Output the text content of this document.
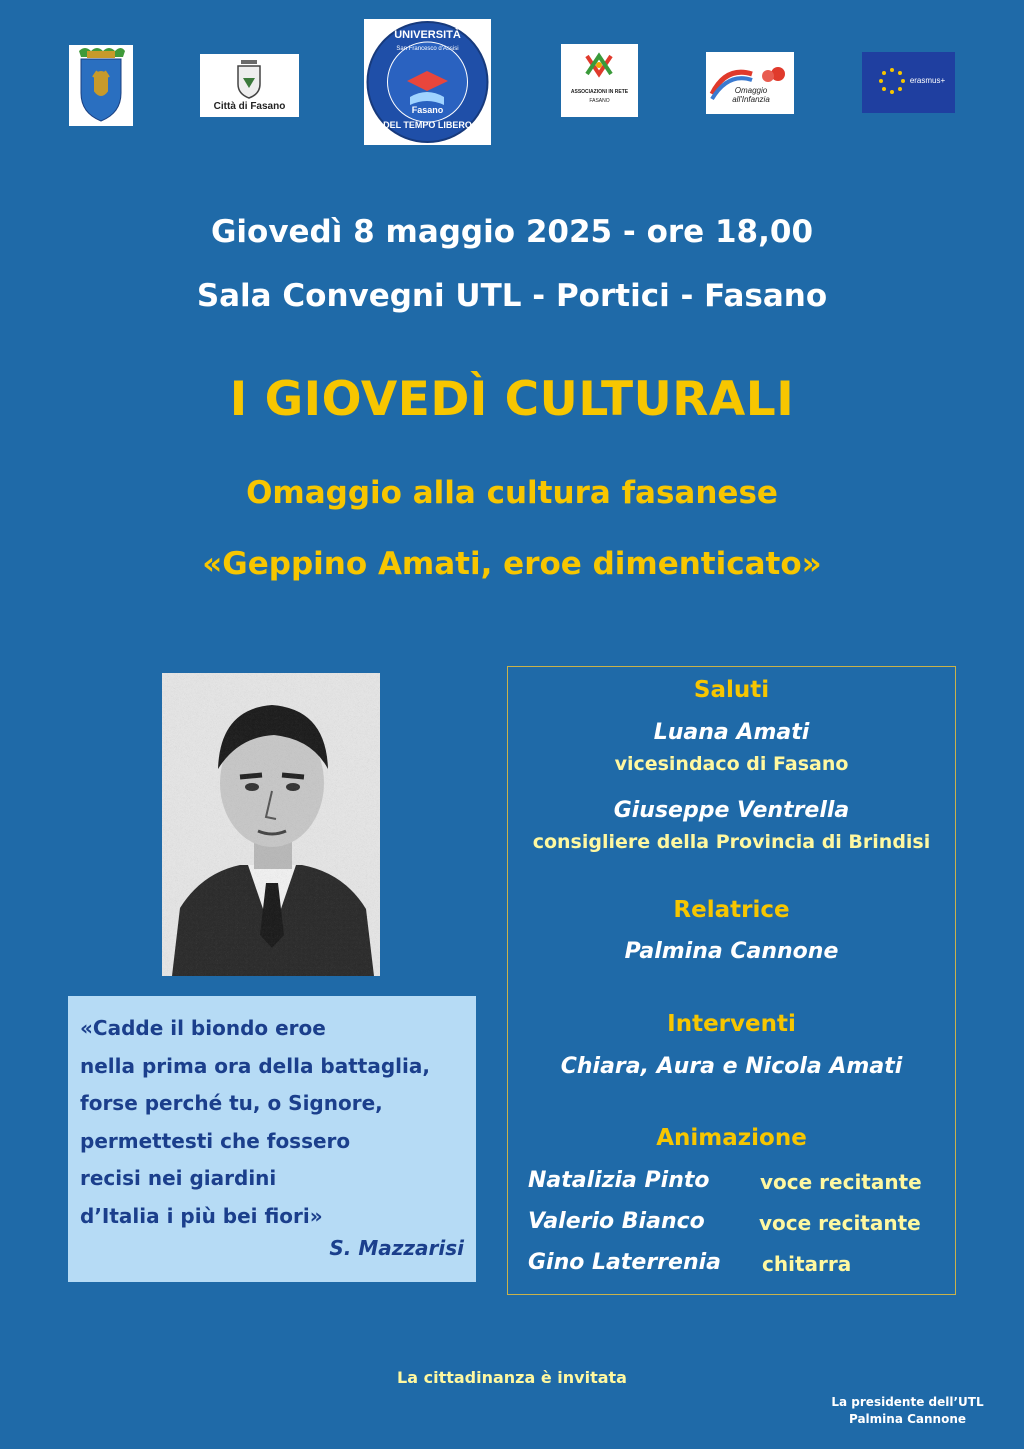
Città di Fasano
UNIVERSITÀ
San Francesco d'Assisi
Fasano
DEL TEMPO LIBERO
ASSOCIAZIONI IN RETE
FASANO
Omaggio all'Infanzia
erasmus+
Giovedì 8 maggio 2025 - ore 18,00
Sala Convegni UTL - Portici - Fasano
I GIOVEDÌ CULTURALI
Omaggio alla cultura fasanese
«Geppino Amati, eroe dimenticato»
«Cadde il biondo eroe
nella prima ora della battaglia,
forse perché tu, o Signore,
permettesti che fossero
recisi nei giardini
d’Italia i più bei fiori»
S. Mazzarisi
Saluti
Luana Amati
vicesindaco di Fasano
Giuseppe Ventrella
consigliere della Provincia di Brindisi
Relatrice
Palmina Cannone
Interventi
Chiara, Aura e Nicola Amati
Animazione
Natalizia Pinto	voce recitante
Valerio Bianco	voce recitante
Gino Laterrenia chitarra
La cittadinanza è invitata
La presidente dell’UTL
Palmina Cannone
